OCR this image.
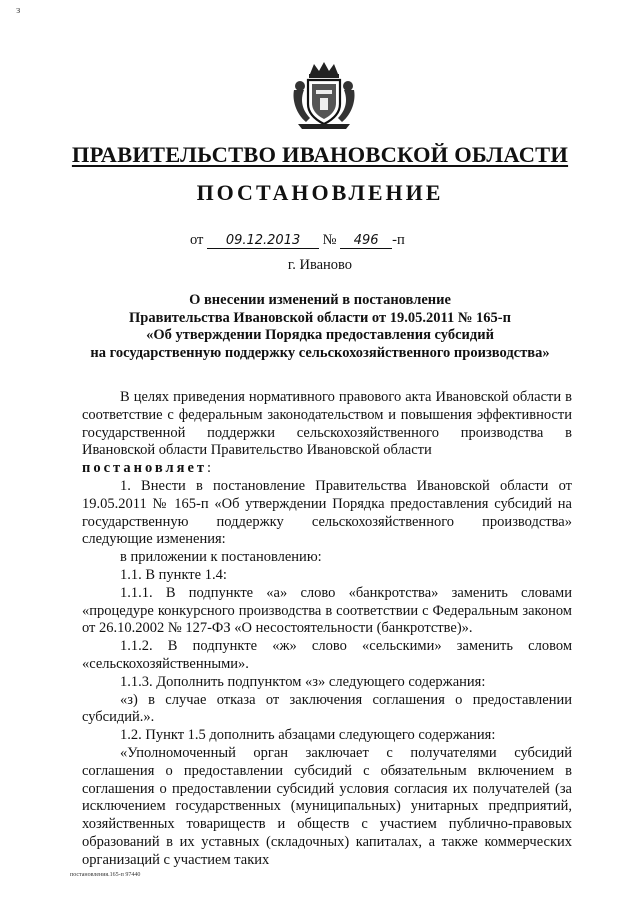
з
ПРАВИТЕЛЬСТВО ИВАНОВСКОЙ ОБЛАСТИ
ПОСТАНОВЛЕНИЕ
от 09.12.2013 № 496 -п
г. Иваново
О внесении изменений в постановление
Правительства Ивановской области от 19.05.2011 № 165-п
«Об утверждении Порядка предоставления субсидий
на государственную поддержку сельскохозяйственного производства»

В целях приведения нормативного правового акта Ивановской области в соответствие с федеральным законодательством и повышения эффективности государственной поддержки сельскохозяйственного производства в Ивановской области Правительство Ивановской области

постановляет:

1. Внести в постановление Правительства Ивановской области от 19.05.2011 № 165-п «Об утверждении Порядка предоставления субсидий на государственную поддержку сельскохозяйственного производства» следующие изменения:

в приложении к постановлению:

1.1. В пункте 1.4:

1.1.1. В подпункте «а» слово «банкротства» заменить словами «процедуре конкурсного производства в соответствии с Федеральным законом от 26.10.2002 № 127-ФЗ «О несостоятельности (банкротстве)».

1.1.2. В подпункте «ж» слово «сельскими» заменить словом «сельскохозяйственными».

1.1.3. Дополнить подпунктом «з» следующего содержания:

«з) в случае отказа от заключения соглашения о предоставлении субсидий.».

1.2. Пункт 1.5 дополнить абзацами следующего содержания:

«Уполномоченный орган заключает с получателями субсидий соглашения о предоставлении субсидий с обязательным включением в соглашения о предоставлении субсидий условия согласия их получателей (за исключением государственных (муниципальных) унитарных предприятий, хозяйственных товариществ и обществ с участием публично-правовых образований в их уставных (складочных) капиталах, а также коммерческих организаций с участием таких

постановления.165-п 97440
